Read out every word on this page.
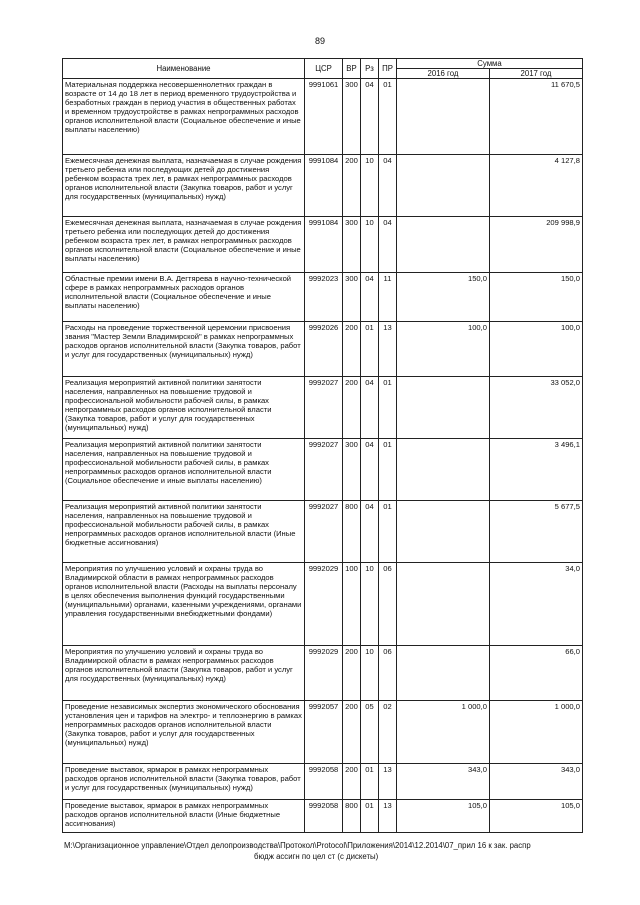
89
Наименование	ЦСР	ВР	Рз	ПР	Сумма	
					2016 год	2017 год
Материальная поддержка несовершеннолетних граждан в возрасте от 14 до 18 лет в период временного трудоустройства и безработных граждан в период участия в общественных работах и временном трудоустройстве в рамках непрограммных расходов органов исполнительной власти (Социальное обеспечение и иные выплаты населению)	9991061	300	04	01		11 670,5
Ежемесячная денежная выплата, назначаемая в случае рождения третьего ребенка или последующих детей до достижения ребенком возраста трех лет, в рамках непрограммных расходов органов исполнительной власти (Закупка товаров, работ и услуг для государственных (муниципальных) нужд)	9991084	200	10	04		4 127,8
Ежемесячная денежная выплата, назначаемая в случае рождения третьего ребенка или последующих детей до достижения ребенком возраста трех лет, в рамках непрограммных расходов органов исполнительной власти (Социальное обеспечение и иные выплаты населению)	9991084	300	10	04		209 998,9
Областные премии имени В.А. Дегтярева в научно-технической сфере в рамках непрограммных расходов органов исполнительной власти (Социальное обеспечение и иные выплаты населению)	9992023	300	04	11	150,0	150,0
Расходы на проведение торжественной церемонии присвоения звания "Мастер Земли Владимирской" в рамках непрограммных расходов органов исполнительной власти (Закупка товаров, работ и услуг для государственных (муниципальных) нужд)	9992026	200	01	13	100,0	100,0
Реализация мероприятий активной политики занятости населения, направленных на повышение трудовой и профессиональной мобильности рабочей силы, в рамках непрограммных расходов органов исполнительной власти (Закупка товаров, работ и услуг для государственных (муниципальных) нужд)	9992027	200	04	01		33 052,0
Реализация мероприятий активной политики занятости населения, направленных на повышение трудовой и профессиональной мобильности рабочей силы, в рамках непрограммных расходов органов исполнительной власти (Социальное обеспечение и иные выплаты населению)	9992027	300	04	01		3 496,1
Реализация мероприятий активной политики занятости населения, направленных на повышение трудовой и профессиональной мобильности рабочей силы, в рамках непрограммных расходов органов исполнительной власти (Иные бюджетные ассигнования)	9992027	800	04	01		5 677,5
Мероприятия по улучшению условий и охраны труда во Владимирской области в рамках непрограммных расходов органов исполнительной власти (Расходы на выплаты персоналу в целях обеспечения выполнения функций государственными (муниципальными) органами, казенными учреждениями, органами управления государственными внебюджетными фондами)	9992029	100	10	06		34,0
Мероприятия по улучшению условий и охраны труда во Владимирской области в рамках непрограммных расходов органов исполнительной власти (Закупка товаров, работ и услуг для государственных (муниципальных) нужд)	9992029	200	10	06		66,0
Проведение независимых экспертиз экономического обоснования установления цен и тарифов на электро- и теплоэнергию в рамках непрограммных расходов органов исполнительной власти (Закупка товаров, работ и услуг для государственных (муниципальных) нужд)	9992057	200	05	02	1 000,0	1 000,0
Проведение выставок, ярмарок в рамках непрограммных расходов органов исполнительной власти (Закупка товаров, работ и услуг для государственных (муниципальных) нужд)	9992058	200	01	13	343,0	343,0
Проведение выставок, ярмарок в рамках непрограммных расходов органов исполнительной власти (Иные бюджетные ассигнования)	9992058	800	01	13	105,0	105,0
М:\Организационное управление\Отдел делопроизводства\Протокол\Protocol\Приложения\2014\12.2014\07_прил 16 к зак. распр
бюдж ассигн по цел ст (с дискеты)
